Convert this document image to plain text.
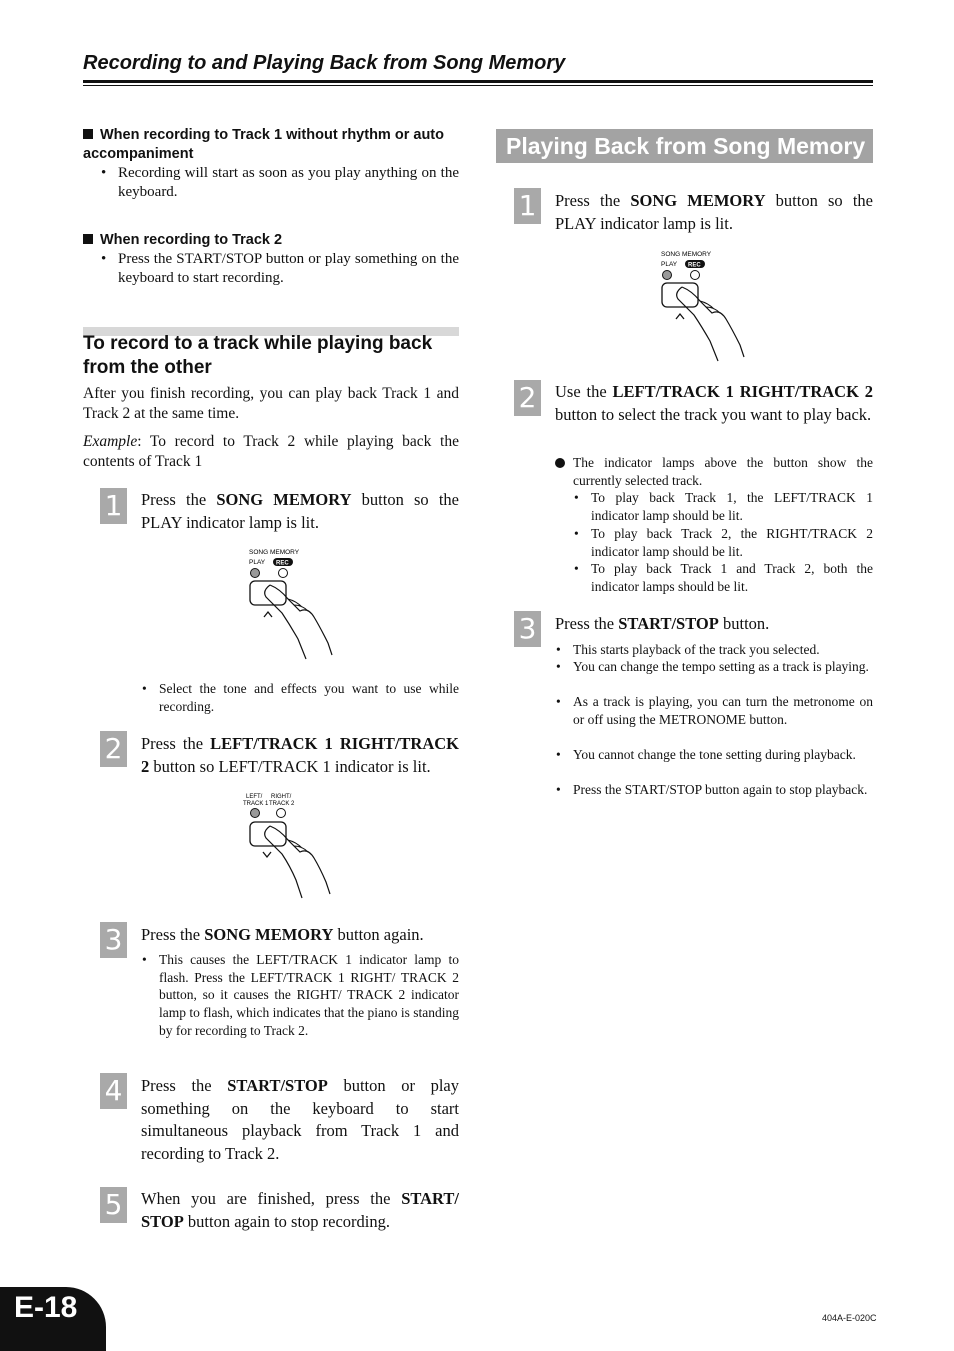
Recording to and Playing Back from Song Memory
When recording to Track 1 without rhythm or auto accompaniment
• Recording will start as soon as you play anything on the keyboard.
When recording to Track 2
• Press the START/STOP button or play something on the keyboard to start recording.
To record to a track while playing back from the other
After you finish recording, you can play back Track 1 and Track 2 at the same time.
Example: To record to Track 2 while playing back the contents of Track 1
1 Press the SONG MEMORY button so the PLAY indicator lamp is lit.
SONG MEMORY
PLAY REC
• Select the tone and effects you want to use while recording.
2 Press the LEFT/TRACK 1 RIGHT/TRACK 2 button so LEFT/TRACK 1 indicator is lit.
LEFT/
TRACK 1
RIGHT/
TRACK 2
3 Press the SONG MEMORY button again.
• This causes the LEFT/TRACK 1 indicator lamp to flash. Press the LEFT/TRACK 1 RIGHT/ TRACK 2 button, so it causes the RIGHT/ TRACK 2 indicator lamp to flash, which indicates that the piano is standing by for recording to Track 2.
4 Press the START/STOP button or play something on the keyboard to start simultaneous playback from Track 1 and recording to Track 2.
5 When you are finished, press the START/ STOP button again to stop recording.
Playing Back from Song Memory
1 Press the SONG MEMORY button so the PLAY indicator lamp is lit.
SONG MEMORY
PLAY REC
2 Use the LEFT/TRACK 1 RIGHT/TRACK 2 button to select the track you want to play back.
The indicator lamps above the button show the currently selected track.
• To play back Track 1, the LEFT/TRACK 1 indicator lamp should be lit.
• To play back Track 2, the RIGHT/TRACK 2 indicator lamp should be lit.
• To play back Track 1 and Track 2, both the indicator lamps should be lit.
3 Press the START/STOP button.
• This starts playback of the track you selected.
• You can change the tempo setting as a track is playing.
• As a track is playing, you can turn the metronome on or off using the METRONOME button.
• You cannot change the tone setting during playback.
• Press the START/STOP button again to stop playback.
E-18	404A-E-020C
